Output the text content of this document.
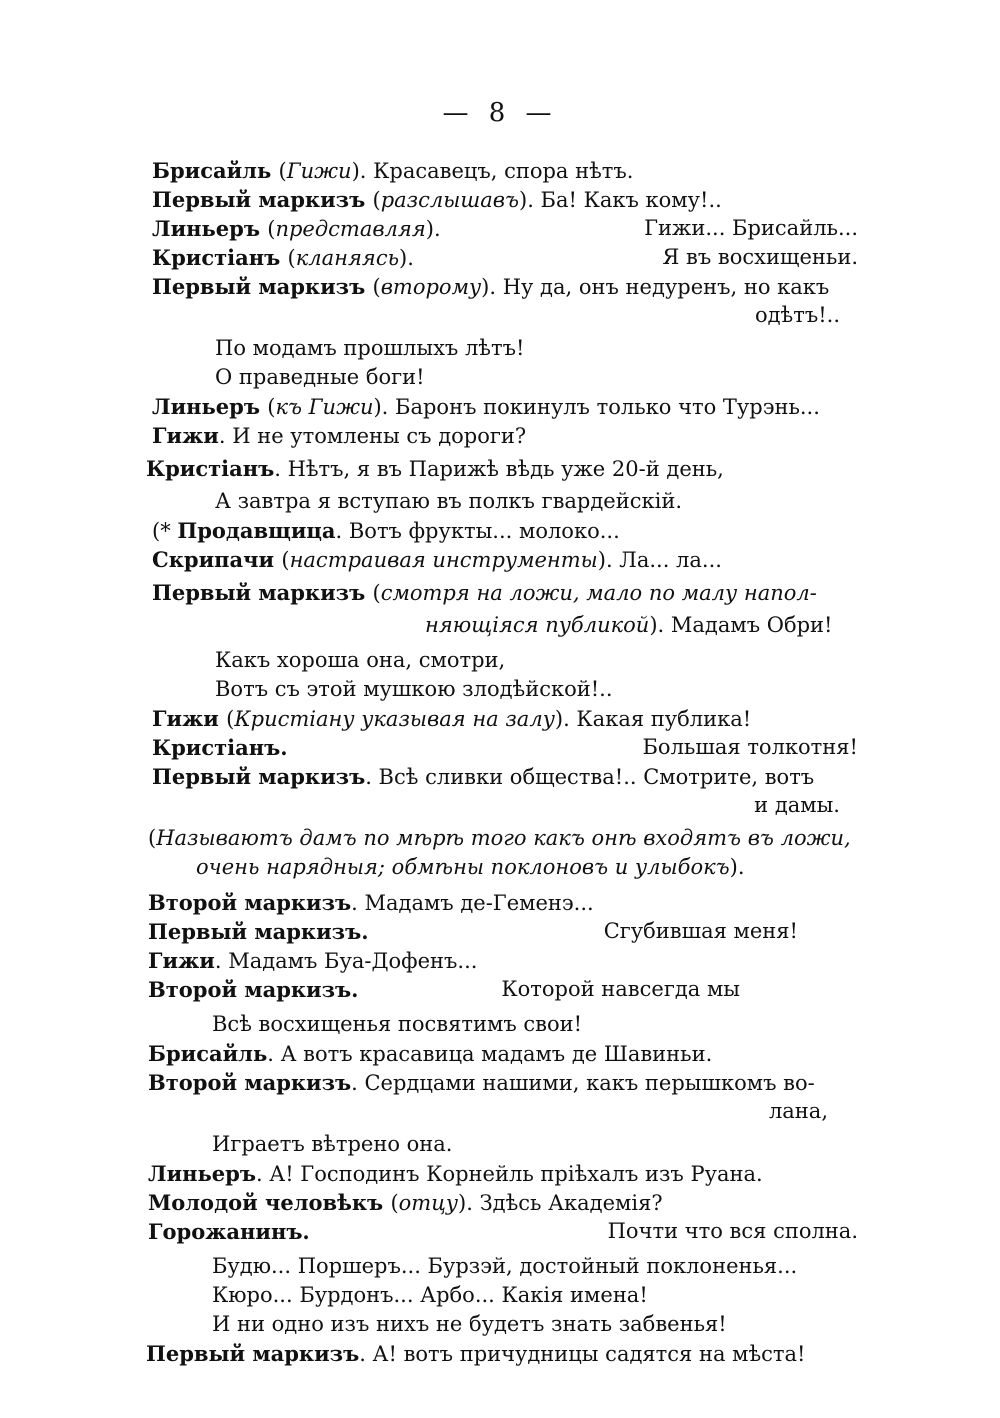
— 8 —
Брисайль (Гижи). Красавецъ, спора нѣтъ.
Первый маркизъ (разслышавъ). Ба! Какъ кому!..
Линьеръ (представляя).	Гижи... Брисайль...
Кристіанъ (кланяясь).	Я въ восхищеньи.
Первый маркизъ (второму). Ну да, онъ недуренъ, но какъ
одѣтъ!..
По модамъ прошлыхъ лѣтъ!
О праведные боги!
Линьеръ (къ Гижи). Баронъ покинулъ только что Турэнь...
Гижи. И не утомлены съ дороги?
Кристіанъ. Нѣтъ, я въ Парижѣ вѣдь уже 20-й день,
А завтра я вступаю въ полкъ гвардейскій.
(* Продавщица. Вотъ фрукты... молоко...
Скрипачи (настраивая инструменты). Ла... ла...
Первый маркизъ (смотря на ложи, мало по малу напол-
няющіяся публикой). Мадамъ Обри!
Какъ хороша она, смотри,
Вотъ съ этой мушкою злодѣйской!..
Гижи (Кристіану указывая на залу). Какая публика!
Кристіанъ.	Большая толкотня!
Первый маркизъ. Всѣ сливки общества!.. Смотрите, вотъ
и дамы.
(Называютъ дамъ по мѣрѣ того какъ онѣ входятъ въ ложи,
очень нарядныя; обмѣны поклоновъ и улыбокъ).
Второй маркизъ. Мадамъ де-Геменэ...
Первый маркизъ.	Сгубившая меня!
Гижи. Мадамъ Буа-Дофенъ...
Второй маркизъ.	Которой навсегда мы
Всѣ восхищенья посвятимъ свои!
Брисайль. А вотъ красавица мадамъ де Шавиньи.
Второй маркизъ. Сердцами нашими, какъ перышкомъ во-
лана,
Играетъ вѣтрено она.
Линьеръ. А! Господинъ Корнейль пріѣхалъ изъ Руана.
Молодой человѣкъ (отцу). Здѣсь Академія?
Горожанинъ.	Почти что вся сполна.
Будю... Поршеръ... Бурзэй, достойный поклоненья...
Кюро... Бурдонъ... Арбо... Какія имена!
И ни одно изъ нихъ не будетъ знать забвенья!
Первый маркизъ. А! вотъ причудницы садятся на мѣста!
